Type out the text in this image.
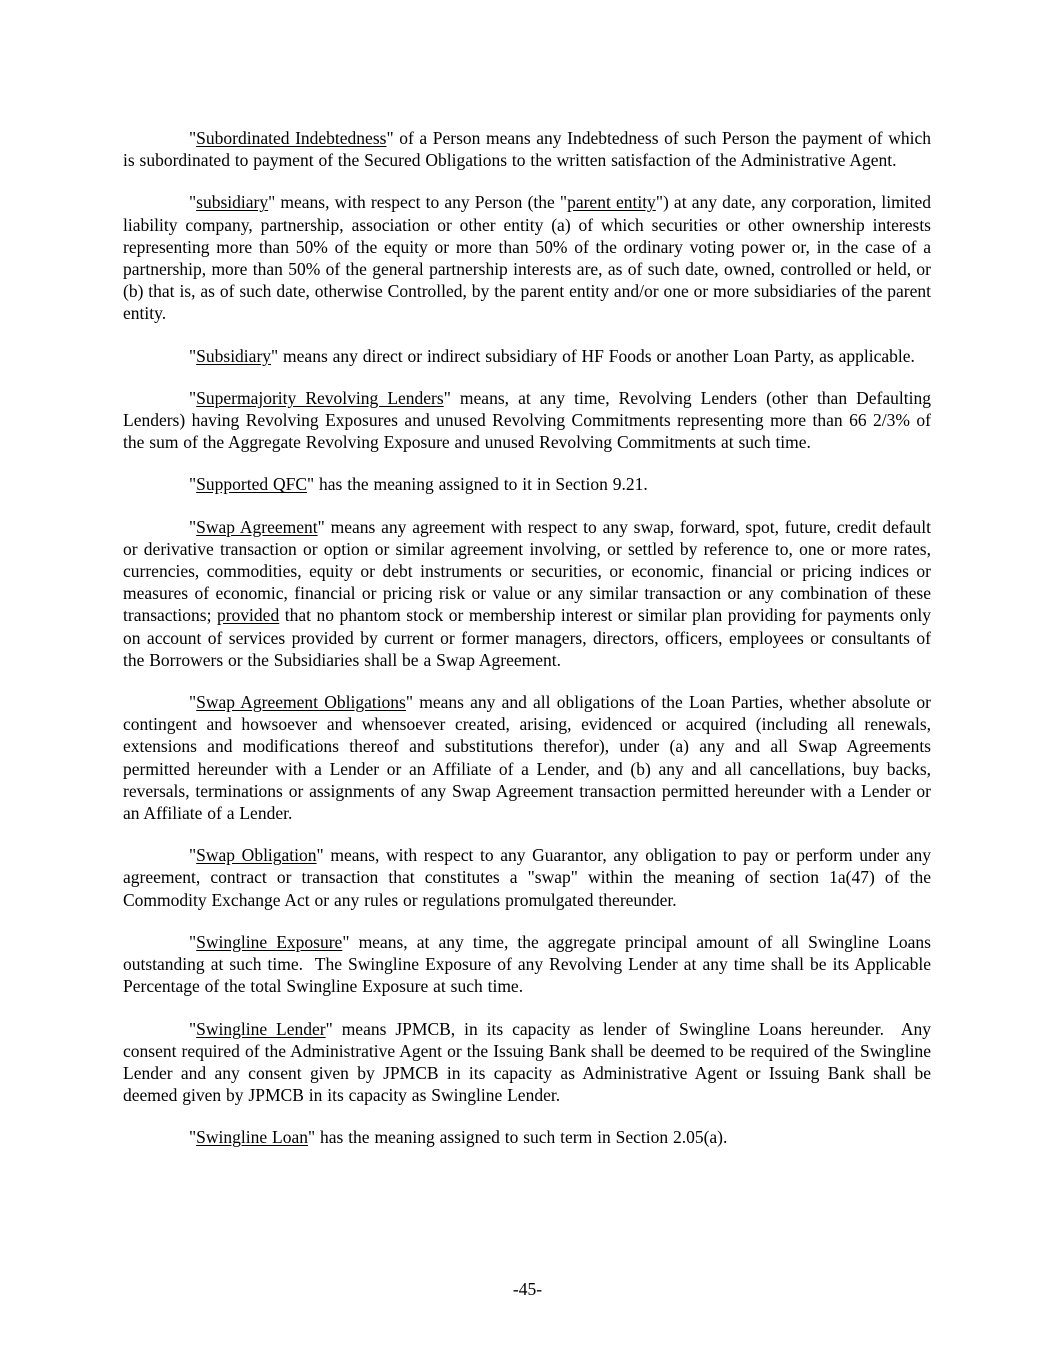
"Subordinated Indebtedness" of a Person means any Indebtedness of such Person the payment of which is subordinated to payment of the Secured Obligations to the written satisfaction of the Administrative Agent.

"subsidiary" means, with respect to any Person (the "parent entity") at any date, any corporation, limited liability company, partnership, association or other entity (a) of which securities or other ownership interests representing more than 50% of the equity or more than 50% of the ordinary voting power or, in the case of a partnership, more than 50% of the general partnership interests are, as of such date, owned, controlled or held, or (b) that is, as of such date, otherwise Controlled, by the parent entity and/or one or more subsidiaries of the parent entity.

"Subsidiary" means any direct or indirect subsidiary of HF Foods or another Loan Party, as applicable.

"Supermajority Revolving Lenders" means, at any time, Revolving Lenders (other than Defaulting Lenders) having Revolving Exposures and unused Revolving Commitments representing more than 66 2/3% of the sum of the Aggregate Revolving Exposure and unused Revolving Commitments at such time.

"Supported QFC" has the meaning assigned to it in Section 9.21.

"Swap Agreement" means any agreement with respect to any swap, forward, spot, future, credit default or derivative transaction or option or similar agreement involving, or settled by reference to, one or more rates, currencies, commodities, equity or debt instruments or securities, or economic, financial or pricing indices or measures of economic, financial or pricing risk or value or any similar transaction or any combination of these transactions; provided that no phantom stock or membership interest or similar plan providing for payments only on account of services provided by current or former managers, directors, officers, employees or consultants of the Borrowers or the Subsidiaries shall be a Swap Agreement.

"Swap Agreement Obligations" means any and all obligations of the Loan Parties, whether absolute or contingent and howsoever and whensoever created, arising, evidenced or acquired (including all renewals, extensions and modifications thereof and substitutions therefor), under (a) any and all Swap Agreements permitted hereunder with a Lender or an Affiliate of a Lender, and (b) any and all cancellations, buy backs, reversals, terminations or assignments of any Swap Agreement transaction permitted hereunder with a Lender or an Affiliate of a Lender.

"Swap Obligation" means, with respect to any Guarantor, any obligation to pay or perform under any agreement, contract or transaction that constitutes a "swap" within the meaning of section 1a(47) of the Commodity Exchange Act or any rules or regulations promulgated thereunder.

"Swingline Exposure" means, at any time, the aggregate principal amount of all Swingline Loans outstanding at such time.  The Swingline Exposure of any Revolving Lender at any time shall be its Applicable Percentage of the total Swingline Exposure at such time.

"Swingline Lender" means JPMCB, in its capacity as lender of Swingline Loans hereunder.  Any consent required of the Administrative Agent or the Issuing Bank shall be deemed to be required of the Swingline Lender and any consent given by JPMCB in its capacity as Administrative Agent or Issuing Bank shall be deemed given by JPMCB in its capacity as Swingline Lender.

"Swingline Loan" has the meaning assigned to such term in Section 2.05(a).

-45-
